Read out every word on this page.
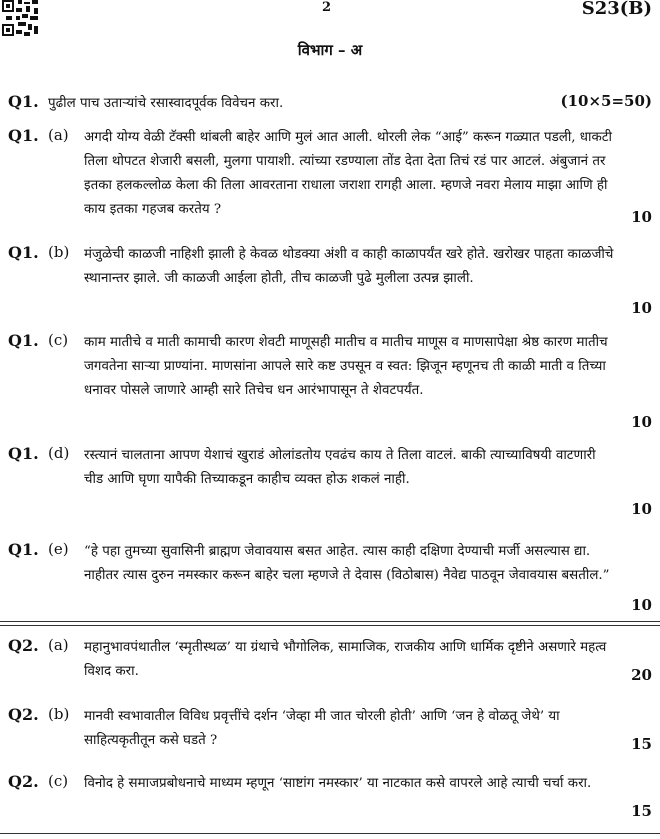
2	S23(B)
विभाग – अ
Q1. पुढील पाच उताऱ्यांचे रसास्वादपूर्वक विवेचन करा.	(10×5=50)
Q1. (a) अगदी योग्य वेळी टॅक्सी थांबली बाहेर आणि मुलं आत आली. थोरली लेक “आई” करून गळ्यात पडली, धाकटी तिला थोपटत शेजारी बसली, मुलगा पायाशी. त्यांच्या रडण्याला तोंड देता देता तिचं रडं पार आटलं. अंबुजानं तर इतका हलकल्लोळ केला की तिला आवरताना राधाला जराशा रागही आला. म्हणजे नवरा मेलाय माझा आणि ही काय इतका गहजब करतेय ?	10
Q1. (b) मंजुळेची काळजी नाहिशी झाली हे केवळ थोडक्या अंशी व काही काळापर्यंत खरे होते. खरोखर पाहता काळजीचे स्थानान्तर झाले. जी काळजी आईला होती, तीच काळजी पुढे मुलीला उत्पन्न झाली.
10
Q1. (c) काम मातीचे व माती कामाची कारण शेवटी माणूसही मातीच व मातीच माणूस व माणसापेक्षा श्रेष्ठ कारण मातीच जगवतेना साऱ्या प्राण्यांना. माणसांना आपले सारे कष्ट उपसून व स्वत: झिजून म्हणूनच ती काळी माती व तिच्या धनावर पोसले जाणारे आम्ही सारे तिचेच धन आरंभापासून ते शेवटपर्यंत.
10
Q1. (d) रस्त्यानं चालताना आपण येशाचं खुराडं ओलांडतोय एवढंच काय ते तिला वाटलं. बाकी त्याच्याविषयी वाटणारी चीड आणि घृणा यापैकी तिच्याकडून काहीच व्यक्त होऊ शकलं नाही.
10
Q1. (e) “हे पहा तुमच्या सुवासिनी ब्राह्मण जेवावयास बसत आहेत. त्यास काही दक्षिणा देण्याची मर्जी असल्यास द्या. नाहीतर त्यास दुरुन नमस्कार करून बाहेर चला म्हणजे ते देवास (विठोबास) नैवेद्य पाठवून जेवावयास बसतील.”
10
Q2. (a) महानुभावपंथातील ‘स्मृतीस्थळ’ या ग्रंथाचे भौगोलिक, सामाजिक, राजकीय आणि धार्मिक दृष्टीने असणारे महत्व विशद करा.	20
Q2. (b) मानवी स्वभावातील विविध प्रवृत्तींचे दर्शन ‘जेव्हा मी जात चोरली होती’ आणि ‘जन हे वोळतू जेथे’ या साहित्यकृतीतून कसे घडते ?	15
Q2. (c) विनोद हे समाजप्रबोधनाचे माध्यम म्हणून ‘साष्टांग नमस्कार’ या नाटकात कसे वापरले आहे त्याची चर्चा करा.
15
